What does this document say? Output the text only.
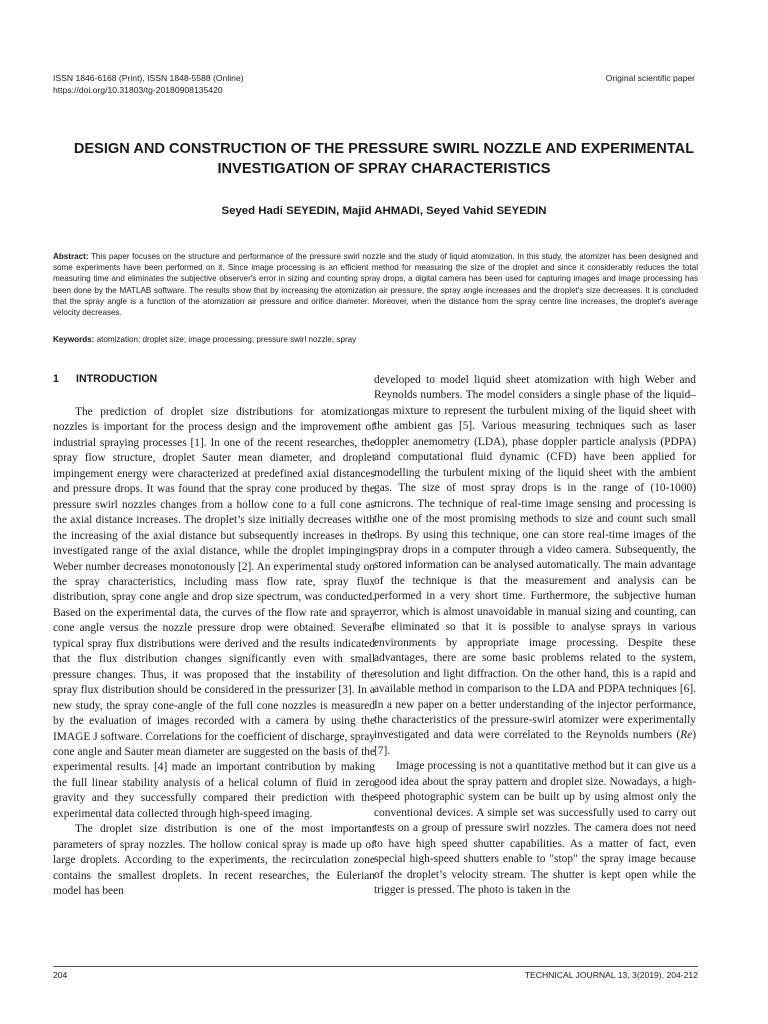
ISSN 1846-6168 (Print), ISSN 1848-5588 (Online)
https://doi.org/10.31803/tg-20180908135420
Original scientific paper
DESIGN AND CONSTRUCTION OF THE PRESSURE SWIRL NOZZLE AND EXPERIMENTAL
INVESTIGATION OF SPRAY CHARACTERISTICS
Seyed Hadi SEYEDIN, Majid AHMADI, Seyed Vahid SEYEDIN
Abstract: This paper focuses on the structure and performance of the pressure swirl nozzle and the study of liquid atomization. In this study, the atomizer has been designed and some experiments have been performed on it. Since image processing is an efficient method for measuring the size of the droplet and since it considerably reduces the total measuring time and eliminates the subjective observer's error in sizing and counting spray drops, a digital camera has been used for capturing images and image processing has been done by the MATLAB software. The results show that by increasing the atomization air pressure, the spray angle increases and the droplet's size decreases. It is concluded that the spray angle is a function of the atomization air pressure and orifice diameter. Moreover, when the distance from the spray centre line increases, the droplet's average velocity decreases.
Keywords: atomization; droplet size; image processing; pressure swirl nozzle; spray
1	INTRODUCTION

The prediction of droplet size distributions for atomization nozzles is important for the process design and the improvement of industrial spraying processes [1]. In one of the recent researches, the spray flow structure, droplet Sauter mean diameter, and droplet impingement energy were characterized at predefined axial distances and pressure drops. It was found that the spray cone produced by the pressure swirl nozzles changes from a hollow cone to a full cone as the axial distance increases. The droplet’s size initially decreases with the increasing of the axial distance but subsequently increases in the investigated range of the axial distance, while the droplet impinging Weber number decreases monotonously [2]. An experimental study on the spray characteristics, including mass flow rate, spray flux distribution, spray cone angle and drop size spectrum, was conducted. Based on the experimental data, the curves of the flow rate and spray cone angle versus the nozzle pressure drop were obtained. Several typical spray flux distributions were derived and the results indicated that the flux distribution changes significantly even with small pressure changes. Thus, it was proposed that the instability of the spray flux distribution should be considered in the pressurizer [3]. In a new study, the spray cone-angle of the full cone nozzles is measured by the evaluation of images recorded with a camera by using the IMAGE J software. Correlations for the coefficient of discharge, spray cone angle and Sauter mean diameter are suggested on the basis of the experimental results. [4] made an important contribution by making the full linear stability analysis of a helical column of fluid in zero gravity and they successfully compared their prediction with the experimental data collected through high-speed imaging.

The droplet size distribution is one of the most important parameters of spray nozzles. The hollow conical spray is made up of large droplets. According to the experiments, the recirculation zone contains the smallest droplets. In recent researches, the Eulerian model has been

developed to model liquid sheet atomization with high Weber and Reynolds numbers. The model considers a single phase of the liquid–gas mixture to represent the turbulent mixing of the liquid sheet with the ambient gas [5]. Various measuring techniques such as laser doppler anemometry (LDA), phase doppler particle analysis (PDPA) and computational fluid dynamic (CFD) have been applied for modelling the turbulent mixing of the liquid sheet with the ambient gas. The size of most spray drops is in the range of (10-1000) microns. The technique of real-time image sensing and processing is the one of the most promising methods to size and count such small drops. By using this technique, one can store real-time images of the spray drops in a computer through a video camera. Subsequently, the stored information can be analysed automatically. The main advantage of the technique is that the measurement and analysis can be performed in a very short time. Furthermore, the subjective human error, which is almost unavoidable in manual sizing and counting, can be eliminated so that it is possible to analyse sprays in various environments by appropriate image processing. Despite these advantages, there are some basic problems related to the system, resolution and light diffraction. On the other hand, this is a rapid and available method in comparison to the LDA and PDPA techniques [6]. In a new paper on a better understanding of the injector performance, the characteristics of the pressure-swirl atomizer were experimentally investigated and data were correlated to the Reynolds numbers (Re) [7].

Image processing is not a quantitative method but it can give us a good idea about the spray pattern and droplet size. Nowadays, a high-speed photographic system can be built up by using almost only the conventional devices. A simple set was successfully used to carry out tests on a group of pressure swirl nozzles. The camera does not need to have high speed shutter capabilities. As a matter of fact, even special high-speed shutters enable to "stop" the spray image because of the droplet’s velocity stream. The shutter is kept open while the trigger is pressed. The photo is taken in the

204	TECHNICAL JOURNAL 13, 3(2019), 204-212
